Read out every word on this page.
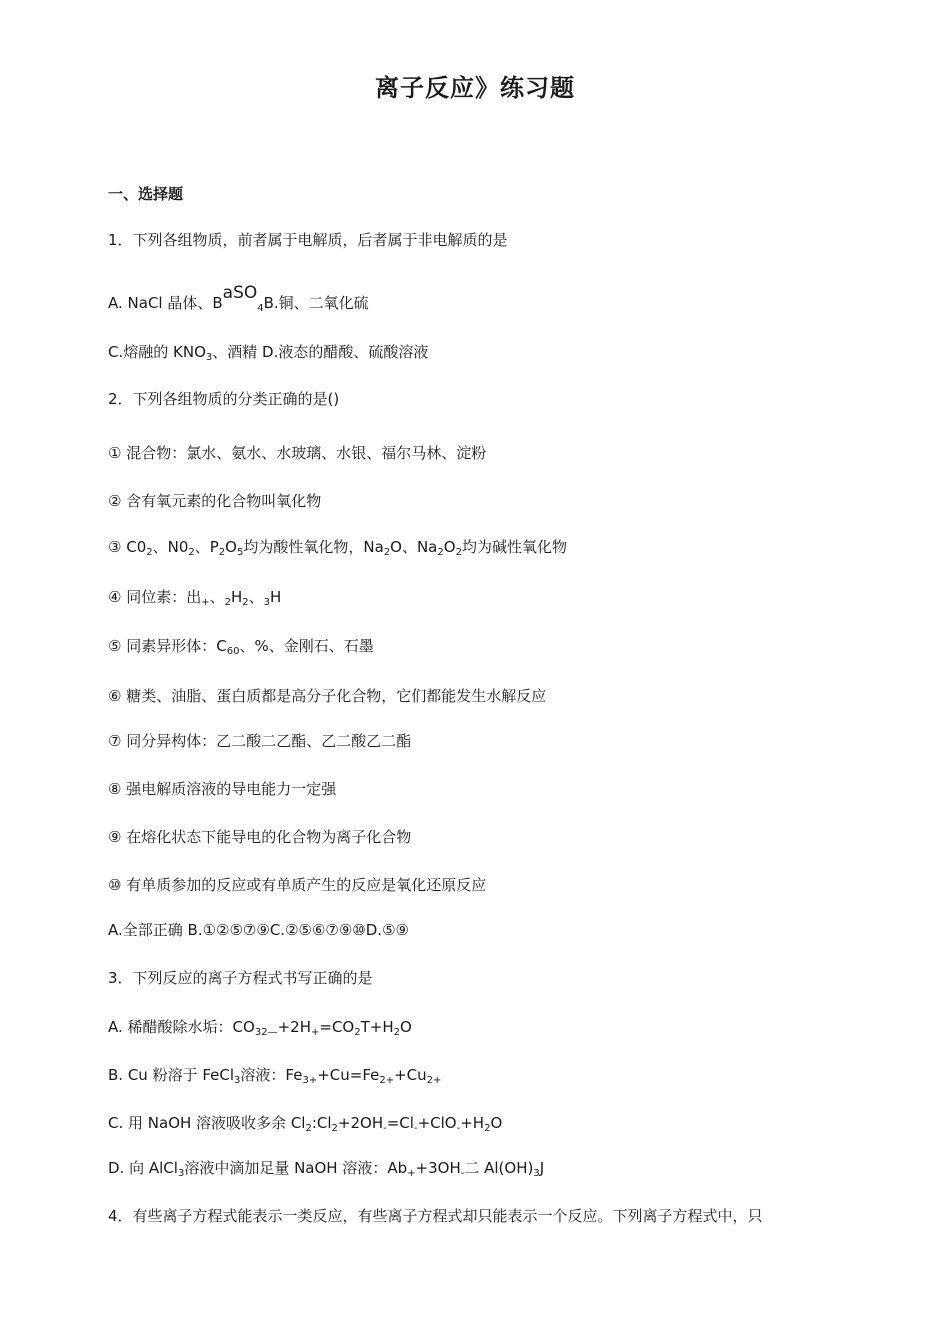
离子反应》练习题
一、选择题
1．下列各组物质，前者属于电解质，后者属于非电解质的是
A. NaCl 晶体、BaSO$_4$B.铜、二氧化硫
C.熔融的 $KNO_3$、酒精 D.液态的醋酸、硫酸溶液
2．下列各组物质的分类正确的是()
① 混合物：氯水、氨水、水玻璃、水银、福尔马林、淀粉
② 含有氧元素的化合物叫氧化物
③ $C0_2$、$N0_2$、$P_2O_5$均为酸性氧化物，$Na_2O$、$Na_2O_2$均为碱性氧化物
④ 同位素：出$_+$、$_2H_2$、$_3$H
⑤ 同素异形体：$C_{60}$、%、金刚石、石墨
⑥ 糖类、油脂、蛋白质都是高分子化合物，它们都能发生水解反应
⑦ 同分异构体：乙二酸二乙酯、乙二酸乙二酯
⑧ 强电解质溶液的导电能力一定强
⑨ 在熔化状态下能导电的化合物为离子化合物
⑩ 有单质参加的反应或有单质产生的反应是氧化还原反应
A.全部正确 B.①②⑤⑦⑨C.②⑤⑥⑦⑨⑩D.⑤⑨
3．下列反应的离子方程式书写正确的是
A. 稀醋酸除水垢：$CO_{32—}+2H_+=CO_2T+H_2O$
B. Cu 粉溶于 FeCl$_3$溶液：$Fe_{3+}+Cu=Fe_{2+}+Cu_{2+}$
C. 用 NaOH 溶液吸收多余 $Cl_2:Cl_2+2OH_-=Cl_-+ClO_-+H_2O$
D. 向 AlCl$_3$溶液中滴加足量 NaOH 溶液：$Ab_++3OH_-$二 $Al(OH)_3J$
4．有些离子方程式能表示一类反应，有些离子方程式却只能表示一个反应。下列离子方程式中，只
